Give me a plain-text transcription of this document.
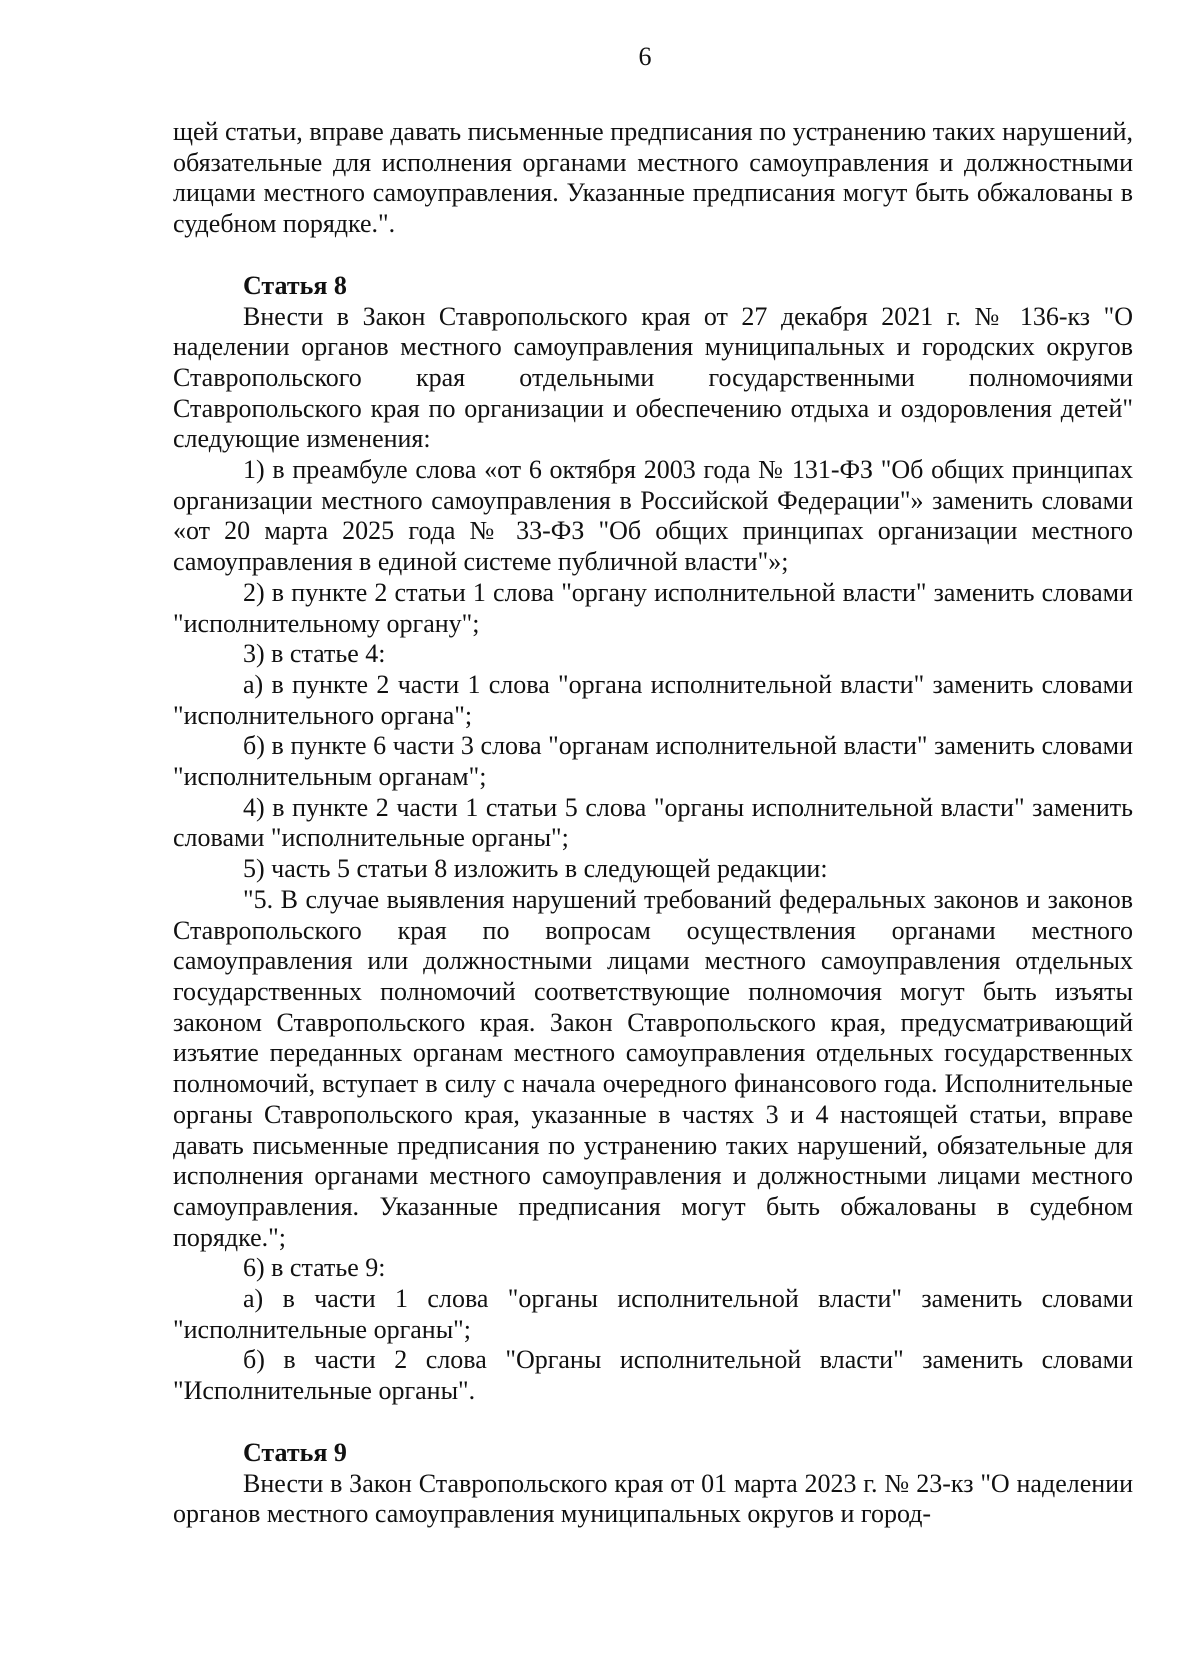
6

щей статьи, вправе давать письменные предписания по устранению таких нарушений, обязательные для исполнения органами местного самоуправления и должностными лицами местного самоуправления. Указанные предписания могут быть обжалованы в судебном порядке.".

Статья 8

Внести в Закон Ставропольского края от 27 декабря 2021 г. № 136-кз "О наделении органов местного самоуправления муниципальных и городских округов Ставропольского края отдельными государственными полномочиями Ставропольского края по организации и обеспечению отдыха и оздоровления детей" следующие изменения:

1) в преамбуле слова «от 6 октября 2003 года № 131-ФЗ "Об общих принципах организации местного самоуправления в Российской Федерации"» заменить словами «от 20 марта 2025 года № 33-ФЗ "Об общих принципах организации местного самоуправления в единой системе публичной власти"»;

2) в пункте 2 статьи 1 слова "органу исполнительной власти" заменить словами "исполнительному органу";

3) в статье 4:

а) в пункте 2 части 1 слова "органа исполнительной власти" заменить словами "исполнительного органа";

б) в пункте 6 части 3 слова "органам исполнительной власти" заменить словами "исполнительным органам";

4) в пункте 2 части 1 статьи 5 слова "органы исполнительной власти" заменить словами "исполнительные органы";

5) часть 5 статьи 8 изложить в следующей редакции:

"5. В случае выявления нарушений требований федеральных законов и законов Ставропольского края по вопросам осуществления органами местного самоуправления или должностными лицами местного самоуправления отдельных государственных полномочий соответствующие полномочия могут быть изъяты законом Ставропольского края. Закон Ставропольского края, предусматривающий изъятие переданных органам местного самоуправления отдельных государственных полномочий, вступает в силу с начала очередного финансового года. Исполнительные органы Ставропольского края, указанные в частях 3 и 4 настоящей статьи, вправе давать письменные предписания по устранению таких нарушений, обязательные для исполнения органами местного самоуправления и должностными лицами местного самоуправления. Указанные предписания могут быть обжалованы в судебном порядке.";

6) в статье 9:

а) в части 1 слова "органы исполнительной власти" заменить словами "исполнительные органы";

б) в части 2 слова "Органы исполнительной власти" заменить словами "Исполнительные органы".

Статья 9

Внести в Закон Ставропольского края от 01 марта 2023 г. № 23-кз "О наделении органов местного самоуправления муниципальных округов и город-
